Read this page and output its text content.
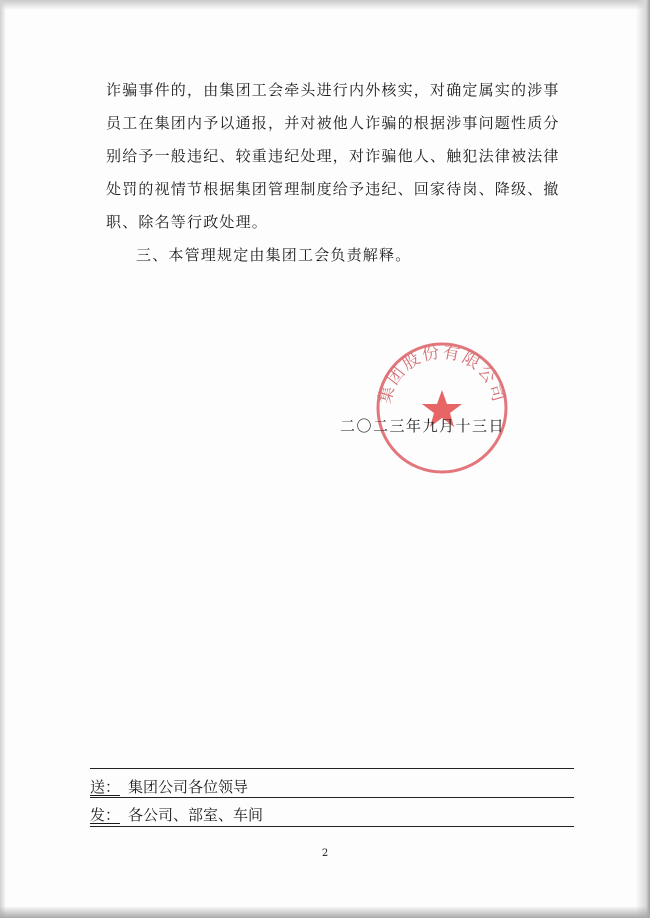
诈骗事件的，由集团工会牵头进行内外核实，对确定属实的涉事
员工在集团内予以通报，并对被他人诈骗的根据涉事问题性质分
别给予一般违纪、较重违纪处理，对诈骗他人、触犯法律被法律
处罚的视情节根据集团管理制度给予违纪、回家待岗、降级、撤
职、除名等行政处理。
三、本管理规定由集团工会负责解释。
集团股份有限公司
二〇二三年九月十三日
送： 集团公司各位领导
发： 各公司、部室、车间
2
